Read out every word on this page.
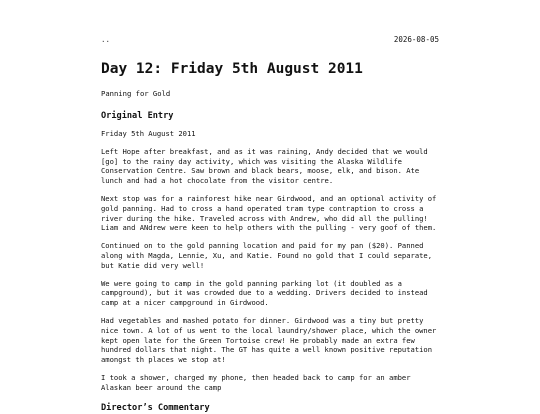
..	2026-08-05
Day 12: Friday 5th August 2011
Panning for Gold
Original Entry

Friday 5th August 2011

Left Hope after breakfast, and as it was raining, Andy decided that we would [go] to the rainy day activity, which was visiting the Alaska Wildlife Conservation Centre. Saw brown and black bears, moose, elk, and bison. Ate lunch and had a hot chocolate from the visitor centre.

Next stop was for a rainforest hike near Girdwood, and an optional activity of gold panning. Had to cross a hand operated tram type contraption to cross a river during the hike. Traveled across with Andrew, who did all the pulling! Liam and ANdrew were keen to help others with the pulling - very goof of them.

Continued on to the gold panning location and paid for my pan ($20). Panned along with Magda, Lennie, Xu, and Katie. Found no gold that I could separate, but Katie did very well!

We were going to camp in the gold panning parking lot (it doubled as a campground), but it was crowded due to a wedding. Drivers decided to instead camp at a nicer campground in Girdwood.

Had vegetables and mashed potato for dinner. Girdwood was a tiny but pretty nice town. A lot of us went to the local laundry/shower place, which the owner kept open late for the Green Tortoise crew! He probably made an extra few hundred dollars that night. The GT has quite a well known positive reputation amongst th places we stop at!

I took a shower, charged my phone, then headed back to camp for an amber Alaskan beer around the camp

Director’s Commentary
